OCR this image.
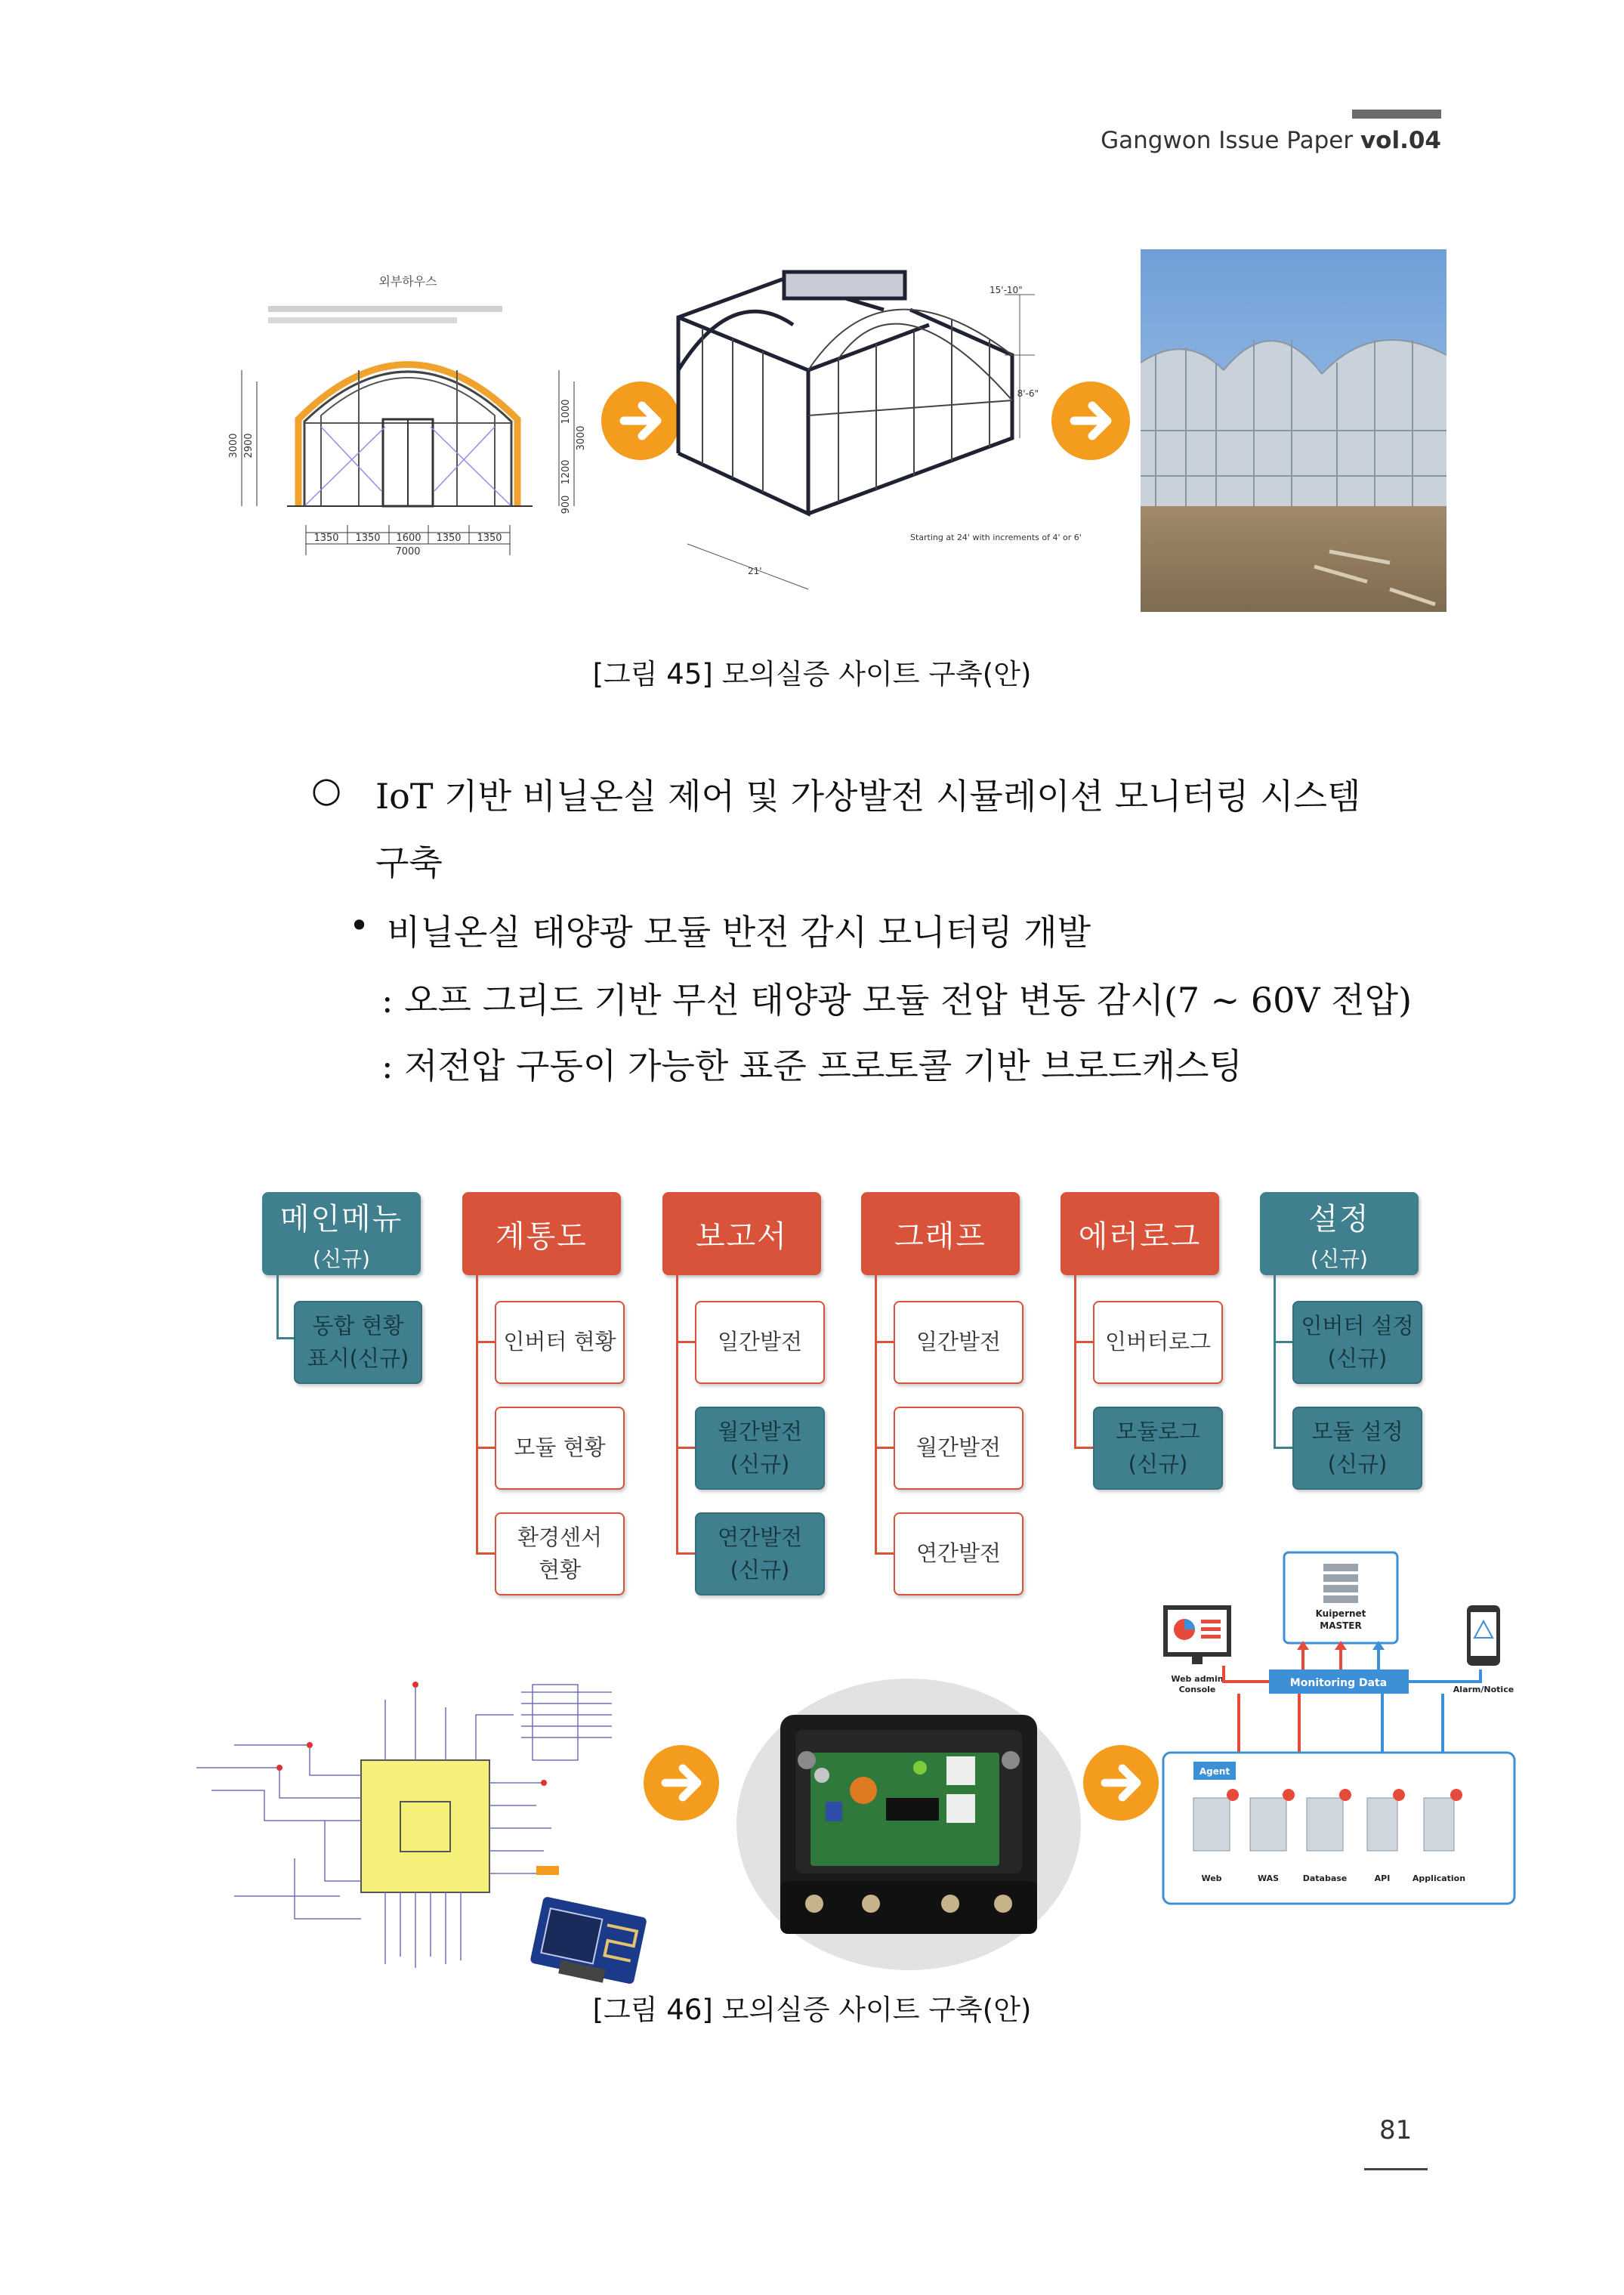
Gangwon Issue Paper vol.04
외부하우스
1350 1350 1600 1350 1350
7000
3000 2900
1200
1000
3000
900
15'-10"
8'-6"
21'
Starting at 24' with increments of 4' or 6'
[그림 45] 모의실증 사이트 구축(안)
○ IoT 기반 비닐온실 제어 및 가상발전 시뮬레이션 모니터링 시스템
구축
• 비닐온실 태양광 모듈 반전 감시 모니터링 개발
: 오프 그리드 기반 무선 태양광 모듈 전압 변동 감시(7 ~ 60V 전압)
: 저전압 구동이 가능한 표준 프로토콜 기반 브로드캐스팅
메인메뉴
(신규)
동합 현황
표시(신규)
계통도
인버터 현황
모듈 현황
환경센서
현황
보고서
일간발전
월간발전
(신규)
연간발전
(신규)
그래프
일간발전
월간발전
연간발전
에러로그
인버터로그
모듈로그
(신규)
설정
(신규)
인버터 설정
(신규)
모듈 설정
(신규)
Kuipernet
MASTER
Web admin
Console	Alarm/Notice
Monitoring Data
Agent
Web	WAS	Database	API	Application
[그림 46] 모의실증 사이트 구축(안)
81
